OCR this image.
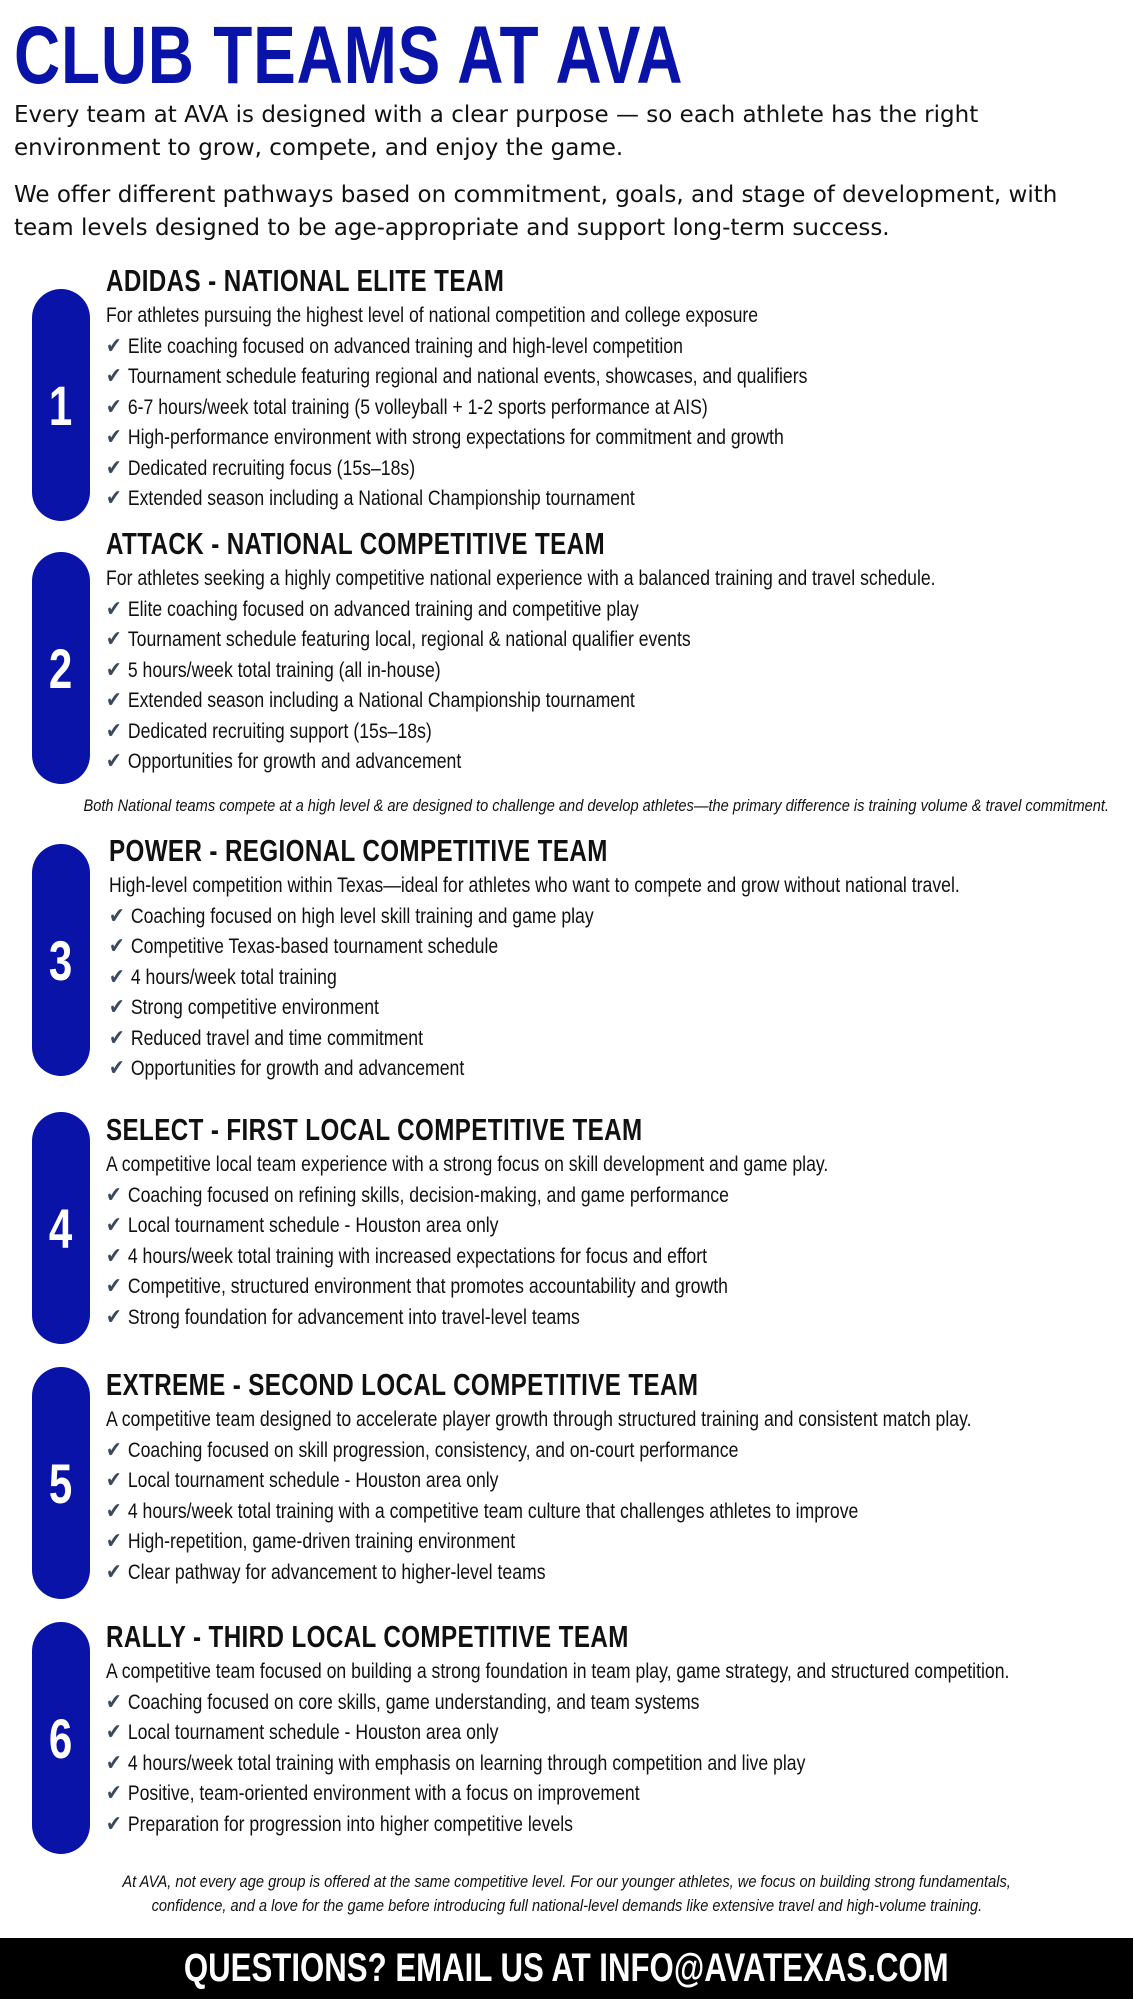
CLUB TEAMS AT AVA

Every team at AVA is designed with a clear purpose — so each athlete has the right environment to grow, compete, and enjoy the game.

We offer different pathways based on commitment, goals, and stage of development, with team levels designed to be age-appropriate and support long-term success.

1
ADIDAS - NATIONAL ELITE TEAM
For athletes pursuing the highest level of national competition and college exposure
✔ Elite coaching focused on advanced training and high-level competition
✔ Tournament schedule featuring regional and national events, showcases, and qualifiers
✔ 6-7 hours/week total training (5 volleyball + 1-2 sports performance at AIS)
✔ High-performance environment with strong expectations for commitment and growth
✔ Dedicated recruiting focus (15s–18s)
✔ Extended season including a National Championship tournament
2
ATTACK - NATIONAL COMPETITIVE TEAM
For athletes seeking a highly competitive national experience with a balanced training and travel schedule.
✔ Elite coaching focused on advanced training and competitive play
✔ Tournament schedule featuring local, regional & national qualifier events
✔ 5 hours/week total training (all in-house)
✔ Extended season including a National Championship tournament
✔ Dedicated recruiting support (15s–18s)
✔ Opportunities for growth and advancement
3
POWER - REGIONAL COMPETITIVE TEAM
High-level competition within Texas—ideal for athletes who want to compete and grow without national travel.
✔ Coaching focused on high level skill training and game play
✔ Competitive Texas-based tournament schedule
✔ 4 hours/week total training
✔ Strong competitive environment
✔ Reduced travel and time commitment
✔ Opportunities for growth and advancement
4
SELECT - FIRST LOCAL COMPETITIVE TEAM
A competitive local team experience with a strong focus on skill development and game play.
✔ Coaching focused on refining skills, decision-making, and game performance
✔ Local tournament schedule - Houston area only
✔ 4 hours/week total training with increased expectations for focus and effort
✔ Competitive, structured environment that promotes accountability and growth
✔ Strong foundation for advancement into travel-level teams
5
EXTREME - SECOND LOCAL COMPETITIVE TEAM
A competitive team designed to accelerate player growth through structured training and consistent match play.
✔ Coaching focused on skill progression, consistency, and on-court performance
✔ Local tournament schedule - Houston area only
✔ 4 hours/week total training with a competitive team culture that challenges athletes to improve
✔ High-repetition, game-driven training environment
✔ Clear pathway for advancement to higher-level teams
6
RALLY - THIRD LOCAL COMPETITIVE TEAM
A competitive team focused on building a strong foundation in team play, game strategy, and structured competition.
✔ Coaching focused on core skills, game understanding, and team systems
✔ Local tournament schedule - Houston area only
✔ 4 hours/week total training with emphasis on learning through competition and live play
✔ Positive, team-oriented environment with a focus on improvement
✔ Preparation for progression into higher competitive levels
Both National teams compete at a high level & are designed to challenge and develop athletes—the primary difference is training volume & travel commitment.
At AVA, not every age group is offered at the same competitive level. For our younger athletes, we focus on building strong fundamentals,
confidence, and a love for the game before introducing full national-level demands like extensive travel and high-volume training.
QUESTIONS? EMAIL US AT INFO@AVATEXAS.COM
